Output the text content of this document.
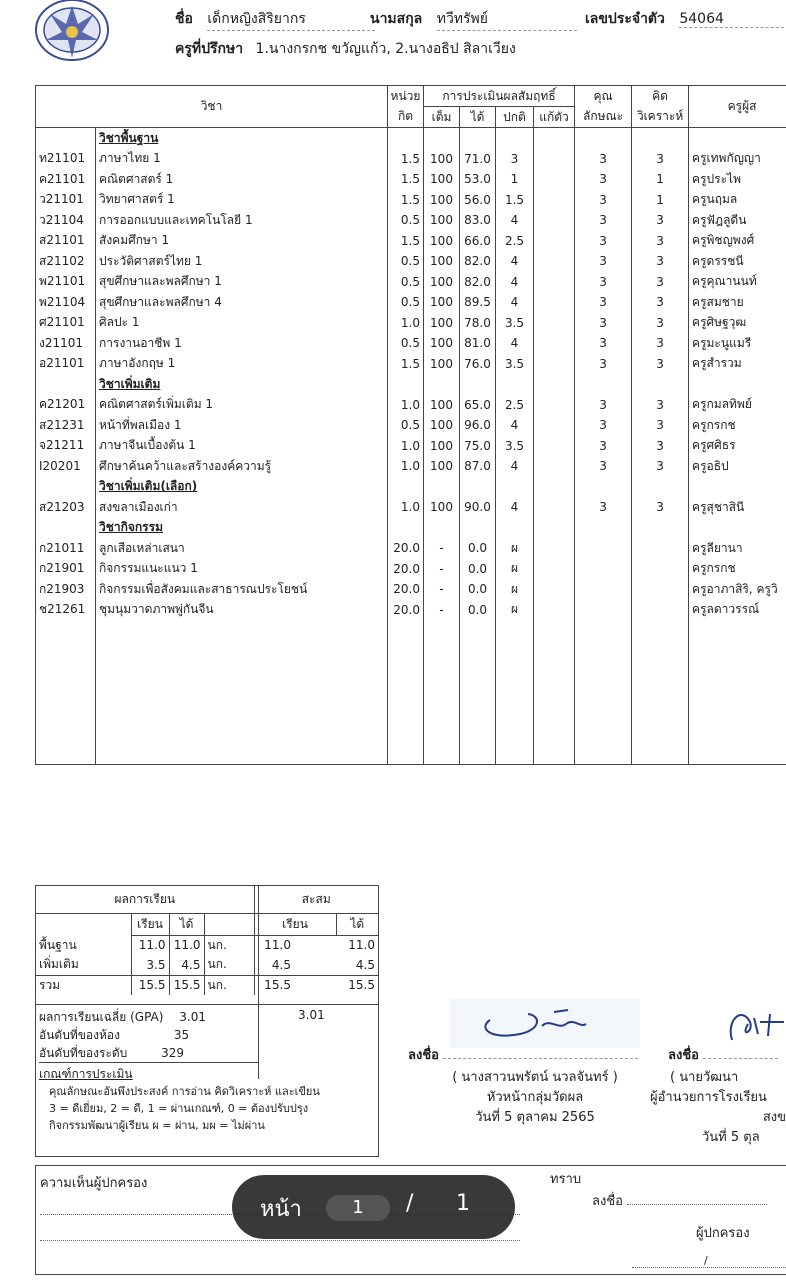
ชื่อ เด็กหญิงสิริยากร	นามสกุล ทวีทรัพย์	เลขประจำตัว 54064
ครูที่ปรึกษา 1.นางกรกช ขวัญแก้ว, 2.นางอธิป สิลาเวียง
วิชา		หน่วย	การประเมินผลสัมฤทธิ์				คุณ	คิด	ครูผู้ส
		กิต	เต็ม	ได้	ปกติ	แก้ตัว	ลักษณะ	วิเคราะห์	
	วิชาพื้นฐาน								
ท21101	ภาษาไทย 1	1.5	100	71.0	3		3	3	ครูเทพกัญญา
ค21101	คณิตศาสตร์ 1	1.5	100	53.0	1		3	1	ครูประไพ
ว21101	วิทยาศาสตร์ 1	1.5	100	56.0	1.5		3	1	ครูนฤมล
ว21104	การออกแบบและเทคโนโลยี 1	0.5	100	83.0	4		3	3	ครูฟัฎลูดีน
ส21101	สังคมศึกษา 1	1.5	100	66.0	2.5		3	3	ครูพิชญพงศ์
ส21102	ประวัติศาสตร์ไทย 1	0.5	100	82.0	4		3	3	ครูดรรชนี
พ21101	สุขศึกษาและพลศึกษา 1	0.5	100	82.0	4		3	3	ครูคุณานนท์
พ21104	สุขศึกษาและพลศึกษา 4	0.5	100	89.5	4		3	3	ครูสมชาย
ศ21101	ศิลปะ 1	1.0	100	78.0	3.5		3	3	ครูศิษฐวุฒ
ง21101	การงานอาชีพ 1	0.5	100	81.0	4		3	3	ครูมะนูแมรี
อ21101	ภาษาอังกฤษ 1	1.5	100	76.0	3.5		3	3	ครูสำรวม
	วิชาเพิ่มเติม								
ค21201	คณิตศาสตร์เพิ่มเติม 1	1.0	100	65.0	2.5		3	3	ครูกมลทิพย์
ส21231	หน้าที่พลเมือง 1	0.5	100	96.0	4		3	3	ครูกรกช
จ21211	ภาษาจีนเบื้องต้น 1	1.0	100	75.0	3.5		3	3	ครูศศิธร
I20201	ศึกษาค้นคว้าและสร้างองค์ความรู้	1.0	100	87.0	4		3	3	ครูอธิป
	วิชาเพิ่มเติม(เลือก)								
ส21203	สงขลาเมืองเก่า	1.0	100	90.0	4		3	3	ครูสุชาสินี
	วิชากิจกรรม								
ก21011	ลูกเสือเหล่าเสนา	20.0	-	0.0	ผ				ครูลียานา
ก21901	กิจกรรมแนะแนว 1	20.0	-	0.0	ผ				ครูกรกช
ก21903	กิจกรรมเพื่อสังคมและสาธารณประโยชน์	20.0	-	0.0	ผ				ครูอาภาสิริ, ครูวิ
ช21261	ชุมนุมวาดภาพพู่กันจีน	20.0	-	0.0	ผ				ครูลดาวรรณ์

ผลการเรียน					สะสม		
	เรียน	ได้			เรียน		ได้
พื้นฐาน	11.0	11.0	นก.		11.0		11.0
เพิ่มเติม	3.5	4.5	นก.		4.5		4.5
รวม	15.5	15.5	นก.		15.5		15.5
ผลการเรียนเฉลี่ย (GPA) 3.01
อันดับที่ของห้อง	35
อันดับที่ของระดับ	329
3.01
เกณฑ์การประเมิน
คุณลักษณะอันพึงประสงค์ การอ่าน คิดวิเคราะห์ และเขียน
3 = ดีเยี่ยม, 2 = ดี, 1 = ผ่านเกณฑ์, 0 = ต้องปรับปรุง
กิจกรรมพัฒนาผู้เรียน ผ = ผ่าน, มผ = ไม่ผ่าน
ลงชื่อ
( นางสาวนพรัตน์ นวลจันทร์ )
หัวหน้ากลุ่มวัดผล
วันที่ 5 ตุลาคม 2565
ลงชื่อ
( นายวัฒนา
ผู้อำนวยการโรงเรียน
สงข
วันที่ 5 ตุล
ความเห็นผู้ปกครอง	ทราบ
ลงชื่อ
ผู้ปกครอง
/
หน้า	1	/ 1
